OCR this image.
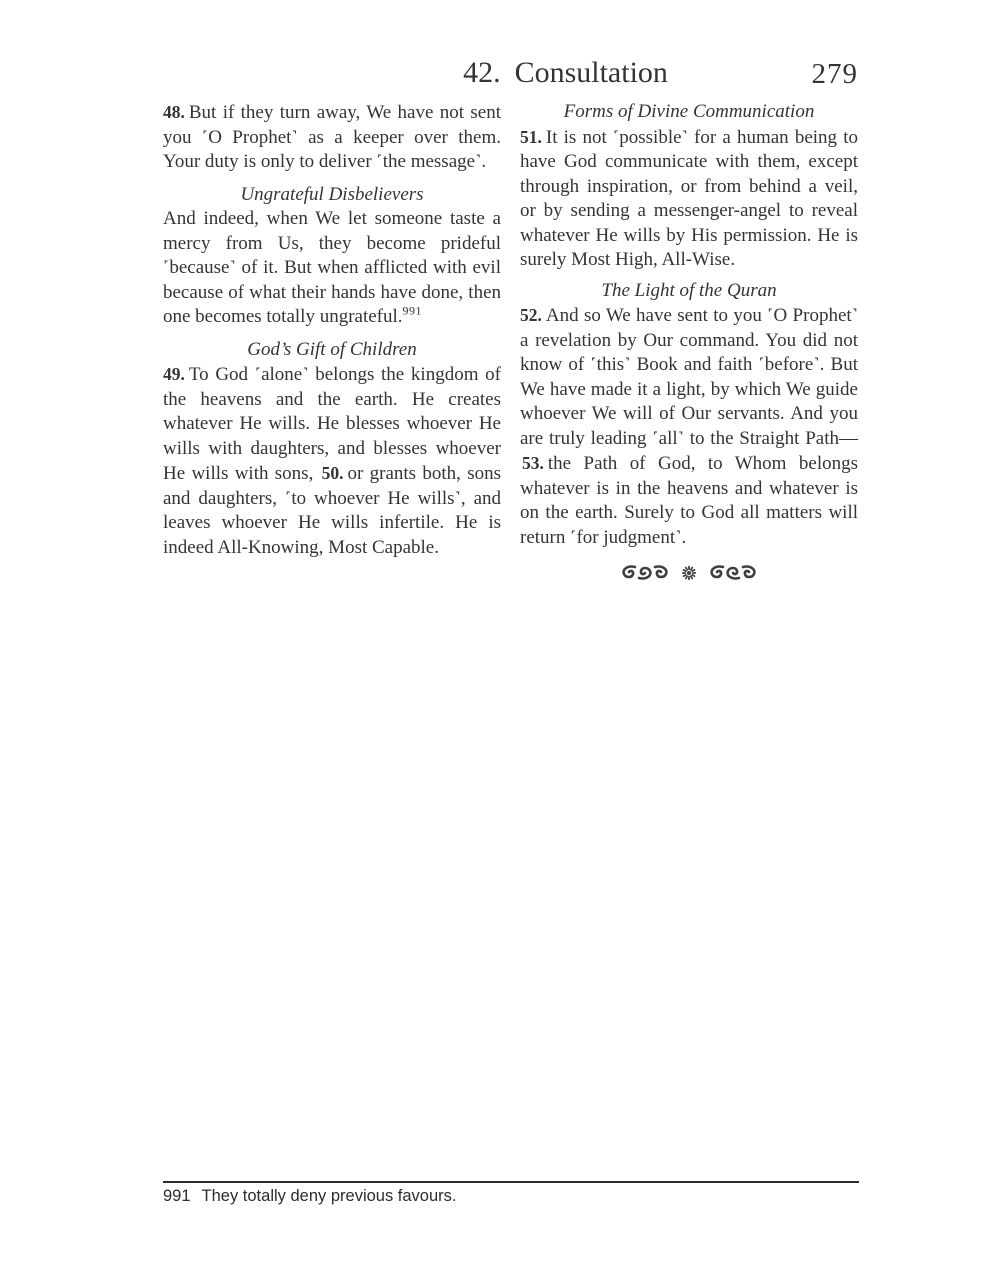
42. Consultation	279

48. But if they turn away, We have not sent you ˹O Prophet˺ as a keeper over them. Your duty is only to deliver ˹the message˺.

Ungrateful Disbelievers

And indeed, when We let someone taste a mercy from Us, they become prideful ˹because˺ of it. But when afflicted with evil because of what their hands have done, then one becomes totally ungrateful.$^{991}$

God’s Gift of Children

49. To God ˹alone˺ belongs the kingdom of the heavens and the earth. He creates whatever He wills. He blesses whoever He wills with daughters, and blesses whoever He wills with sons, 50. or grants both, sons and daughters, ˹to whoever He wills˺, and leaves whoever He wills infertile. He is indeed All-Knowing, Most Capable.

Forms of Divine Communication

51. It is not ˹possible˺ for a human being to have God communicate with them, except through inspiration, or from behind a veil, or by sending a messenger-angel to reveal whatever He wills by His permission. He is surely Most High, All-Wise.

The Light of the Quran

52. And so We have sent to you ˹O Prophet˺ a revelation by Our command. You did not know of ˹this˺ Book and faith ˹before˺. But We have made it a light, by which We guide whoever We will of Our servants. And you are truly leading ˹all˺ to the Straight Path— 53. the Path of God, to Whom belongs whatever is in the heavens and whatever is on the earth. Surely to God all matters will return ˹for judgment˺.

991 They totally deny previous favours.
